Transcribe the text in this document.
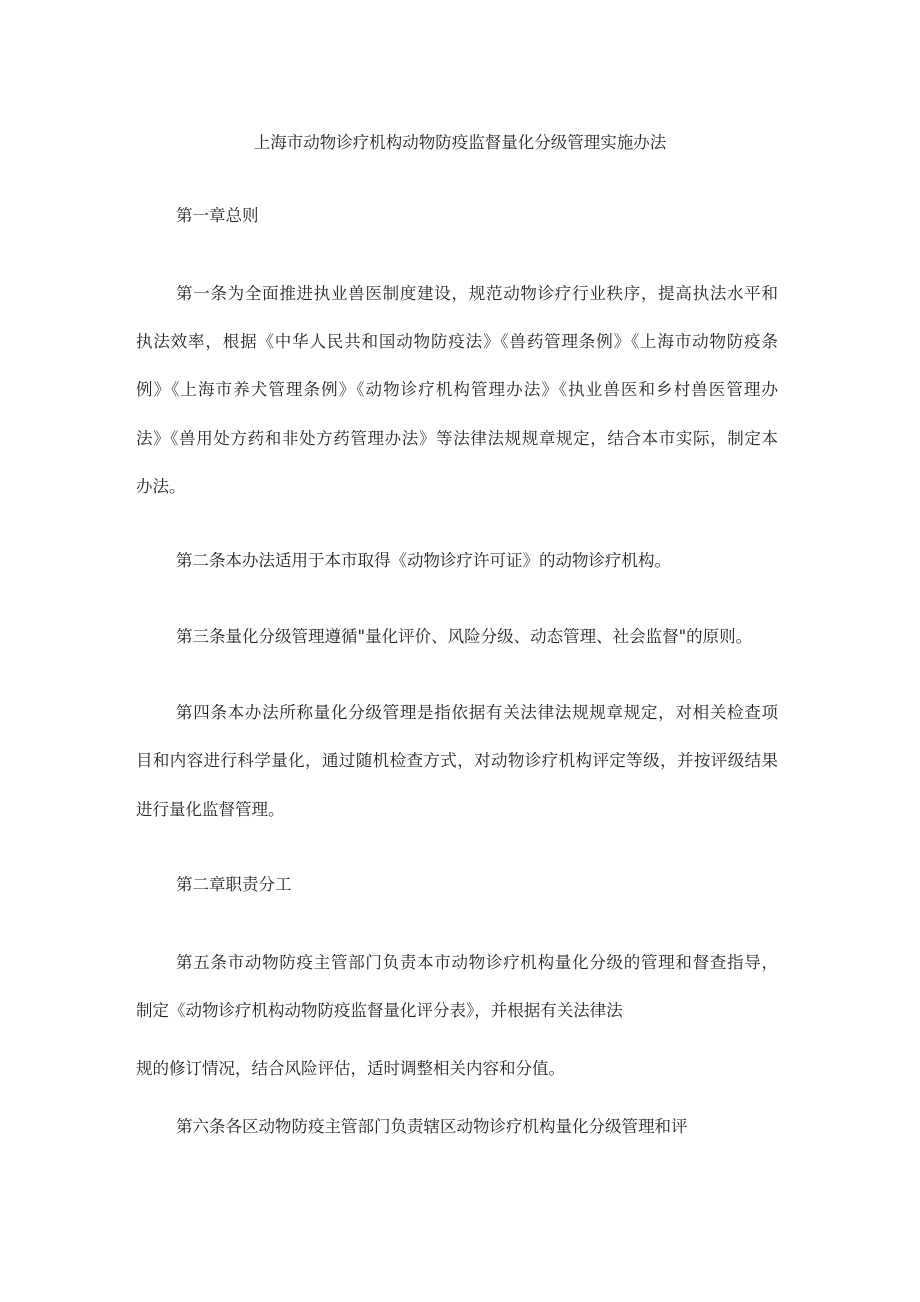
上海市动物诊疗机构动物防疫监督量化分级管理实施办法
第一章总则
第一条为全面推进执业兽医制度建设，规范动物诊疗行业秩序，提高执法水平和
执法效率，根据《中华人民共和国动物防疫法》《兽药管理条例》《上海市动物防疫条
例》《上海市养犬管理条例》《动物诊疗机构管理办法》《执业兽医和乡村兽医管理办
法》《兽用处方药和非处方药管理办法》等法律法规规章规定，结合本市实际，制定本
办法。
第二条本办法适用于本市取得《动物诊疗许可证》的动物诊疗机构。
第三条量化分级管理遵循"量化评价、风险分级、动态管理、社会监督"的原则。
第四条本办法所称量化分级管理是指依据有关法律法规规章规定，对相关检查项
目和内容进行科学量化，通过随机检查方式，对动物诊疗机构评定等级，并按评级结果
进行量化监督管理。
第二章职责分工
第五条市动物防疫主管部门负责本市动物诊疗机构量化分级的管理和督查指导，
制定《动物诊疗机构动物防疫监督量化评分表》，并根据有关法律法
规的修订情况，结合风险评估，适时调整相关内容和分值。
第六条各区动物防疫主管部门负责辖区动物诊疗机构量化分级管理和评
